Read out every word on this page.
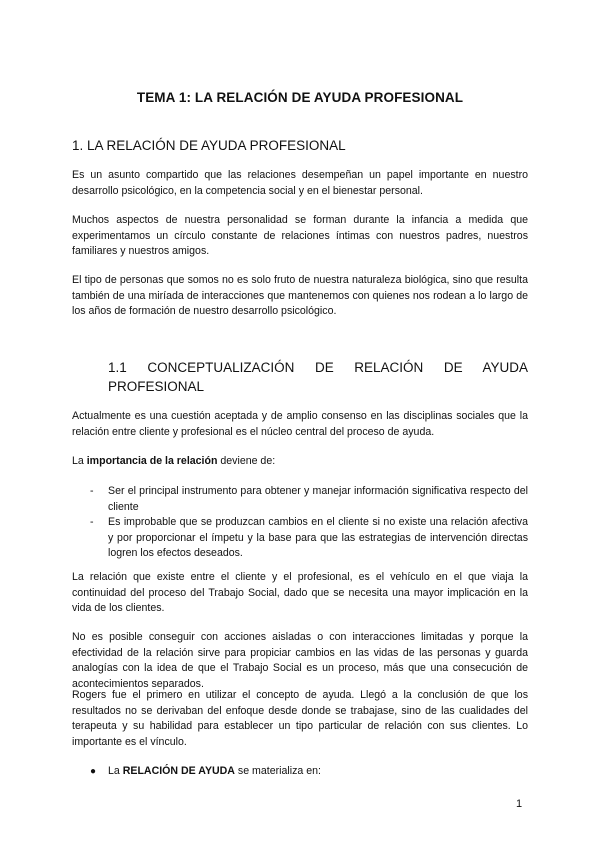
TEMA 1: LA RELACIÓN DE AYUDA PROFESIONAL
1. LA RELACIÓN DE AYUDA PROFESIONAL

Es un asunto compartido que las relaciones desempeñan un papel importante en nuestro desarrollo psicológico, en la competencia social y en el bienestar personal.

Muchos aspectos de nuestra personalidad se forman durante la infancia a medida que experimentamos un círculo constante de relaciones íntimas con nuestros padres, nuestros familiares y nuestros amigos.

El tipo de personas que somos no es solo fruto de nuestra naturaleza biológica, sino que resulta también de una miríada de interacciones que mantenemos con quienes nos rodean a lo largo de los años de formación de nuestro desarrollo psicológico.

1.1 CONCEPTUALIZACIÓN DE RELACIÓN DE AYUDA
PROFESIONAL

Actualmente es una cuestión aceptada y de amplio consenso en las disciplinas sociales que la relación entre cliente y profesional es el núcleo central del proceso de ayuda.

La importancia de la relación deviene de:

- Ser el principal instrumento para obtener y manejar información significativa respecto del cliente
- Es improbable que se produzcan cambios en el cliente si no existe una relación afectiva y por proporcionar el ímpetu y la base para que las estrategias de intervención directas logren los efectos deseados.

La relación que existe entre el cliente y el profesional, es el vehículo en el que viaja la continuidad del proceso del Trabajo Social, dado que se necesita una mayor implicación en la vida de los clientes.

No es posible conseguir con acciones aisladas o con interacciones limitadas y porque la efectividad de la relación sirve para propiciar cambios en las vidas de las personas y guarda analogías con la idea de que el Trabajo Social es un proceso, más que una consecución de acontecimientos separados.

Rogers fue el primero en utilizar el concepto de ayuda. Llegó a la conclusión de que los resultados no se derivaban del enfoque desde donde se trabajase, sino de las cualidades del terapeuta y su habilidad para establecer un tipo particular de relación con sus clientes. Lo importante es el vínculo.

● La RELACIÓN DE AYUDA se materializa en:
1
